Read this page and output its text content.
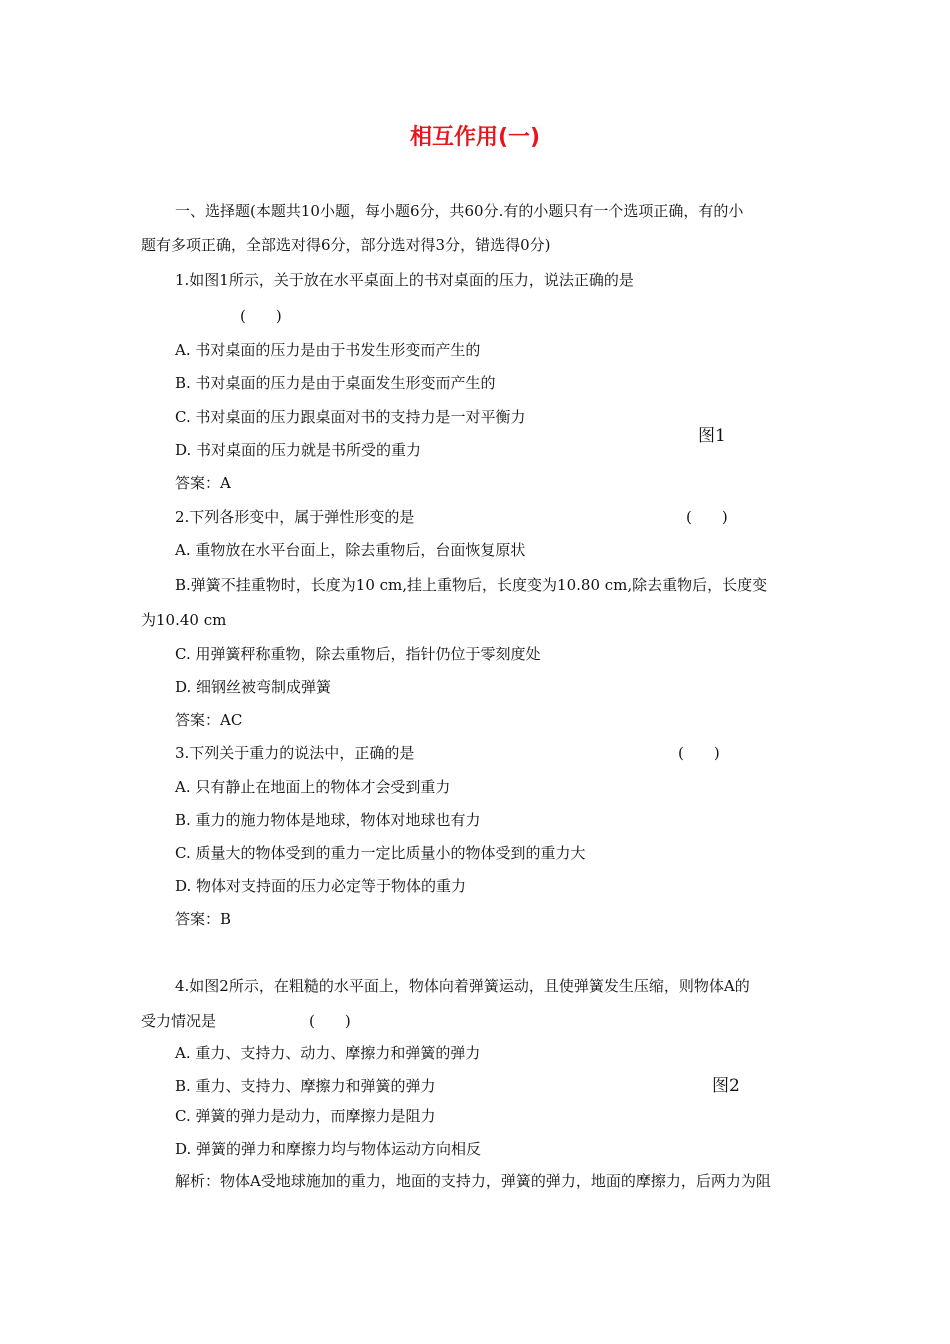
相互作用(一)
一、选择题(本题共10小题，每小题6分，共60分.有的小题只有一个选项正确，有的小
题有多项正确，全部选对得6分，部分选对得3分，错选得0分)
1.如图1所示，关于放在水平桌面上的书对桌面的压力，说法正确的是
(　　)
A. 书对桌面的压力是由于书发生形变而产生的
B. 书对桌面的压力是由于桌面发生形变而产生的
C. 书对桌面的压力跟桌面对书的支持力是一对平衡力
图1
D. 书对桌面的压力就是书所受的重力
答案：A
2.下列各形变中，属于弹性形变的是	(　　)
A. 重物放在水平台面上，除去重物后，台面恢复原状
B.弹簧不挂重物时，长度为10 cm,挂上重物后，长度变为10.80 cm,除去重物后，长度变
为10.40 cm
C. 用弹簧秤称重物，除去重物后，指针仍位于零刻度处
D. 细钢丝被弯制成弹簧
答案：AC
3.下列关于重力的说法中，正确的是	(　　)
A. 只有静止在地面上的物体才会受到重力
B. 重力的施力物体是地球，物体对地球也有力
C. 质量大的物体受到的重力一定比质量小的物体受到的重力大
D. 物体对支持面的压力必定等于物体的重力
答案：B
4.如图2所示，在粗糙的水平面上，物体向着弹簧运动，且使弹簧发生压缩，则物体A的
受力情况是	(　　)
A. 重力、支持力、动力、摩擦力和弹簧的弹力
B. 重力、支持力、摩擦力和弹簧的弹力	图2
C. 弹簧的弹力是动力，而摩擦力是阻力
D. 弹簧的弹力和摩擦力均与物体运动方向相反
解析：物体A受地球施加的重力，地面的支持力，弹簧的弹力，地面的摩擦力，后两力为阻
